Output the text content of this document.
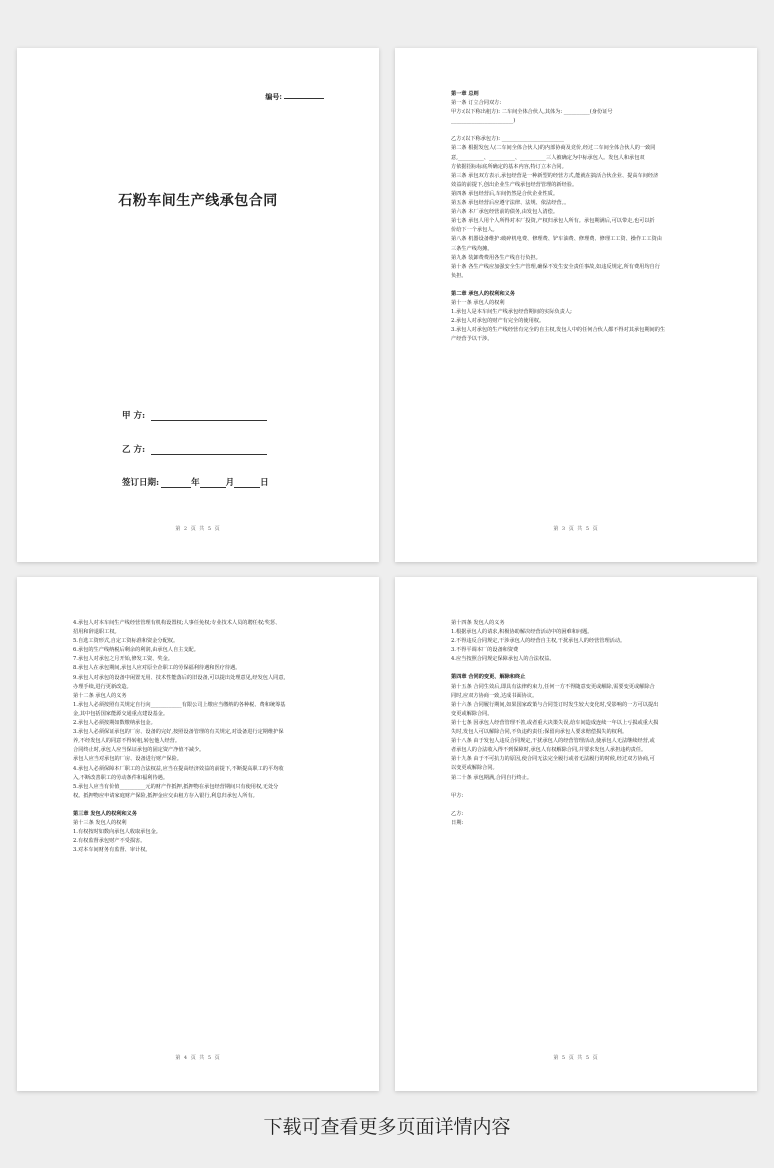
编号:
石粉车间生产线承包合同
甲 方:
乙 方:
签订日期:	年	月	日
第 2 页 共 5 页

第一章 总则

第一条 订立合同双方:

甲方:(以下称出租方): 二车间全体合伙人,其体为: __________(身份证号

________________________)

乙方:(以下称承包方): ________________________

第二条 根据发包人(二车间全体合伙人)的内部协商及竞价,经过二车间全体合伙人的一致同

意,__________、__________、__________三人被确定为中标承包人。发包人和承包双

方依据招标标底所确定的基本内容,特订立本合同。

第三条 承包双方表示,承包经营是一种新型的经营方式,能就在搞活合伙企业、提高车间经济

效益的前提下,创出企业生产线承包经营管理的新经验。

第四条 承包经营后,车间仍然是合伙企业性质。

第五条 承包经营后应遵守法律、法规、依法经营。。

第六条 本厂承包经营前的债务,由发包人清偿。

第七条 承包人用个人所得对本厂投资,产权归承包人所有。承包期满后,可以带走,也可以折

价给下一个承包人。

第八条 机器设备维护:破碎机电费、修理费、铲车油费、修理费、修理工工资、操作工工资由

三条生产线均摊。

第九条 装卸费费用各生产线自行负担。

第十条 各生产线应加强安全生产管理,确保不发生安全责任事故,如违反规定,所有费用均自行

负担。

第二章 承包人的权利和义务

第十一条 承包人的权利

1.承包人是本车间生产线承包经营期间的实际负责人;

2.承包人对承包的财产有完全的使用权。

3.承包人对承包的生产线经营有完全的自主权,发包人中的任何合伙人都不得对其承包期间的生

产经营予以干涉。

第 3 页 共 5 页

4.承包人对本车间生产线经营管理有机构设置权;人事任免权;专业技术人员的聘任权;奖惩、

招用和辞退职工权。

5.自选工资形式,自定工资标准和资金分配权。

6.承包的生产线纳税后剩余的利润,由承包人自主支配。

7.承包人对承包之月开始,修发工资、奖金。

8.承包人在承包期间,承包人应对原全企职工的劳保福利待遇和医疗待遇。

9.承包人对承包的设备中闲置无用、技术性能落后的旧设备,可以提出处理意见,经发包人同意,

办理手续,进行更新改造。

第十二条 承包人的义务

1.承包人必须按照有关规定自行向____________有限公司上缴应当缴纳的各种税、费和统筹基

金,其中包括国家能源交通重点建设基金。

2.承包人必须按期如数缴纳承包金。

3.承包人必须保证承包的厂房、设备的完好,按照设备管理的有关规定,对设备进行定期维护保

养,不经发包人的同意不得转租,转包他人经营。

合同终止时,承包人应当保证承包的固定资产净值不减少。

承包人应当对承包的厂房、设备进行财产保险。

4.承包人必须保障本厂职工的合法权益,应当在提高经济效益的前提下,不断提高职工的平均收

入,不断改善职工的劳动条件和福利待遇。

5.承包人应当有价值__________元的财产作抵押,抵押物在承包经营期间只有使用权,无处分

权。抵押物应申请家庭财产保险,抵押金应交由租方存入银行,利息归承包人所有。

第三章 发包人的权利和义务

第十三条 发包人的权利

1.有权按时如数向承包人收取承包金。

2.有权监督承包财产不受损害。

3.对本车间财务有监督、审计权。

第 4 页 共 5 页

第十四条 发包人的义务

1.根据承包人的请求,积极协助解决经营活动中的困难和问题。

2.不得违反合同规定,干涉承包人的经营自主权,干扰承包人的经营管理活动。

3.不得平调本厂的设备和资费

4.应当按照合同规定保障承包人的合法权益。

第四章 合同的变更、解除和终止

第十五条 合同生效后,即具有法律约束力,任何一方不得随意变更或解除,需要变更或解除合

同时,应双方协商一致,达成书面协议。

第十六条 合同履行期间,如果国家政策与合同签订时发生较大变化时,受影响的一方可以提出

变更或解除合同。

第十七条 因承包人经营管理不善,或者重大决策失误,给车间造成连续一年以上亏损或重大损

失时,发包人可以解除合同,不负违约责任;保留向承包人要求赔偿损失的权利。

第十八条 由于发包人违反合同规定,干扰承包人的经营管理活动,使承包人无法继续经营,或

者承包人的合法收入得不到保障时,承包人有权解除合同,并要求发包人承担违约责任。

第十九条 由于不可抗力的原因,使合同无法完全履行或者无法履行的时候,经过双方协商,可

以变更或解除合同。

第二十条 承包期满,合同自行终止。

甲方:

乙方:

日期:

第 5 页 共 5 页
下载可查看更多页面详情内容
